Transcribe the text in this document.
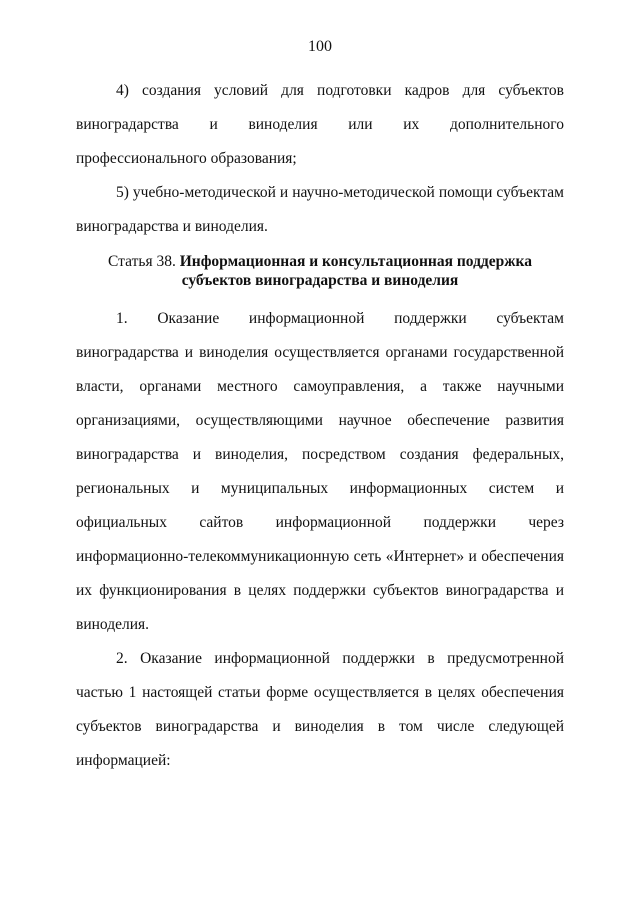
100

4) создания условий для подготовки кадров для субъектов виноградарства и виноделия или их дополнительного профессионального образования;

5) учебно-методической и научно-методической помощи субъектам виноградарства и виноделия.

Статья 38. Информационная и консультационная поддержка
субъектов виноградарства и виноделия

1. Оказание информационной поддержки субъектам виноградарства и виноделия осуществляется органами государственной власти, органами местного самоуправления, а также научными организациями, осуществляющими научное обеспечение развития виноградарства и виноделия, посредством создания федеральных, региональных и муниципальных информационных систем и официальных сайтов информационной поддержки через информационно-телекоммуникационную сеть «Интернет» и обеспечения их функционирования в целях поддержки субъектов виноградарства и виноделия.

2. Оказание информационной поддержки в предусмотренной частью 1 настоящей статьи форме осуществляется в целях обеспечения субъектов виноградарства и виноделия в том числе следующей информацией:
